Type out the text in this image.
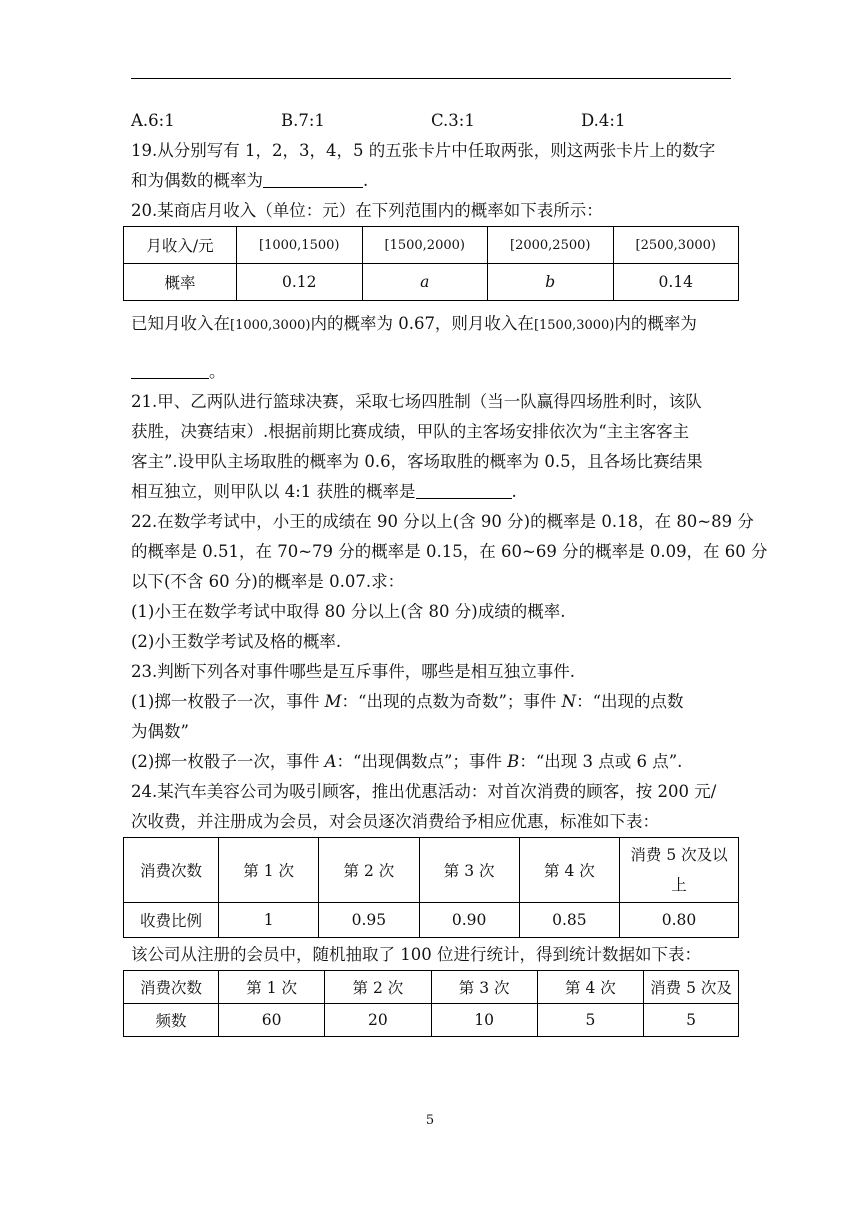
A.6:1	B.7:1	C.3:1	D.4:1
19.从分别写有 1，2，3，4，5 的五张卡片中任取两张，则这两张卡片上的数字
和为偶数的概率为	.
20.某商店月收入（单位：元）在下列范围内的概率如下表所示：
月收入/元	[1000,1500)	[1500,2000)	[2000,2500)	[2500,3000)
概率	0.12	a	b	0.14
已知月收入在[1000,3000)内的概率为 0.67，则月收入在[1500,3000)内的概率为
。
21.甲、乙两队进行篮球决赛，采取七场四胜制（当一队赢得四场胜利时，该队
获胜，决赛结束）.根据前期比赛成绩，甲队的主客场安排依次为“主主客客主
客主”.设甲队主场取胜的概率为 0.6，客场取胜的概率为 0.5，且各场比赛结果
相互独立，则甲队以 4:1 获胜的概率是	.
22.在数学考试中，小王的成绩在 90 分以上(含 90 分)的概率是 0.18，在 80~89 分
的概率是 0.51，在 70~79 分的概率是 0.15，在 60~69 分的概率是 0.09，在 60 分
以下(不含 60 分)的概率是 0.07.求：
(1)小王在数学考试中取得 80 分以上(含 80 分)成绩的概率.
(2)小王数学考试及格的概率.
23.判断下列各对事件哪些是互斥事件，哪些是相互独立事件.
(1)掷一枚骰子一次，事件 M：“出现的点数为奇数”；事件 N：“出现的点数
为偶数”
(2)掷一枚骰子一次，事件 A：“出现偶数点”；事件 B：“出现 3 点或 6 点”.
24.某汽车美容公司为吸引顾客，推出优惠活动：对首次消费的顾客，按 200 元/
次收费，并注册成为会员，对会员逐次消费给予相应优惠，标准如下表：
消费次数	第 1 次	第 2 次	第 3 次	第 4 次	消费 5 次及以
上

收费比例	1	0.95	0.90	0.85	0.80
该公司从注册的会员中，随机抽取了 100 位进行统计，得到统计数据如下表：
消费次数	第 1 次	第 2 次	第 3 次	第 4 次	消费 5 次及
频数	60	20	10	5	5
5
